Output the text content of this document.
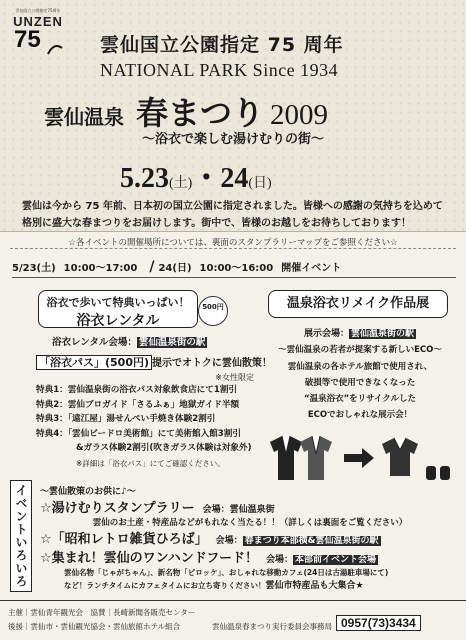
雲仙国立公園指定75周年
UNZEN
75	雲仙国立公園指定 75 周年
NATIONAL PARK Since 1934
雲仙温泉 春まつり 2009
～浴衣で楽しむ湯けむりの街～
5.23(土)・24(日)
雲仙は今から 75 年前、日本初の国立公園に指定されました。皆様への感謝の気持ちを込めて
格別に盛大な春まつりをお届けします。街中で、皆様のお越しをお待ちしております！
☆各イベントの開催場所については、裏面のスタンプラリーマップをご参照ください☆
5/23(土) 10:00～17:00 / 24(日) 10:00～16:00 開催イベント
浴衣で歩いて特典いっぱい！
浴衣レンタル
500円
浴衣レンタル会場： 雲仙温泉街の駅
「浴衣パス」(500円) 提示でオトクに雲仙散策！
※女性限定
特典1：雲仙温泉街の浴衣パス対象飲食店にて1割引
特典2：雲仙ブロガイド「さるふぁ」地獄ガイド半額
特典3：「遠江屋」湯せんぺい手焼き体験2割引
特典4：「雲仙ビードロ美術館」にて美術館入館3割引
&ガラス体験2割引(吹きガラス体験は対象外)
※詳細は「浴衣パス」にてご確認ください。
温泉浴衣リメイク作品展
展示会場： 雲仙温泉街の駅
～雲仙温泉の若者が提案する新しいECO～
雲仙温泉の各ホテル旅館で使用され、
破損等で使用できなくなった
“温泉浴衣”をリサイクルした
ECOでおしゃれな展示会！
イベントいろいろ	～雲仙散策のお供に♪～
☆湯けむりスタンプラリー 会場：雲仙温泉街
雲仙のお土産・特産品などがもれなく当たる！！（詳しくは裏面をご覧ください）
☆「昭和レトロ雑貨ひろば」 会場： 春まつり本部横&雲仙温泉街の駅
☆集まれ！雲仙のワンハンドフード！ 会場： 本部前イベント会場
雲仙名物「じゃがちゃん」、新名物「ピロッケ」、おしゃれな移動カフェ(24日は古湯駐車場にて)
など！ランチタイムにカフェタイムにお立ち寄りください！雲仙市特産品も大集合★
主催｜雲仙青年観光会　協賛｜長崎新聞各販売センター
後援｜雲仙市・雲仙観光協会・雲仙旅館ホテル組合	雲仙温泉春まつり実行委員会事務局 0957(73)3434
